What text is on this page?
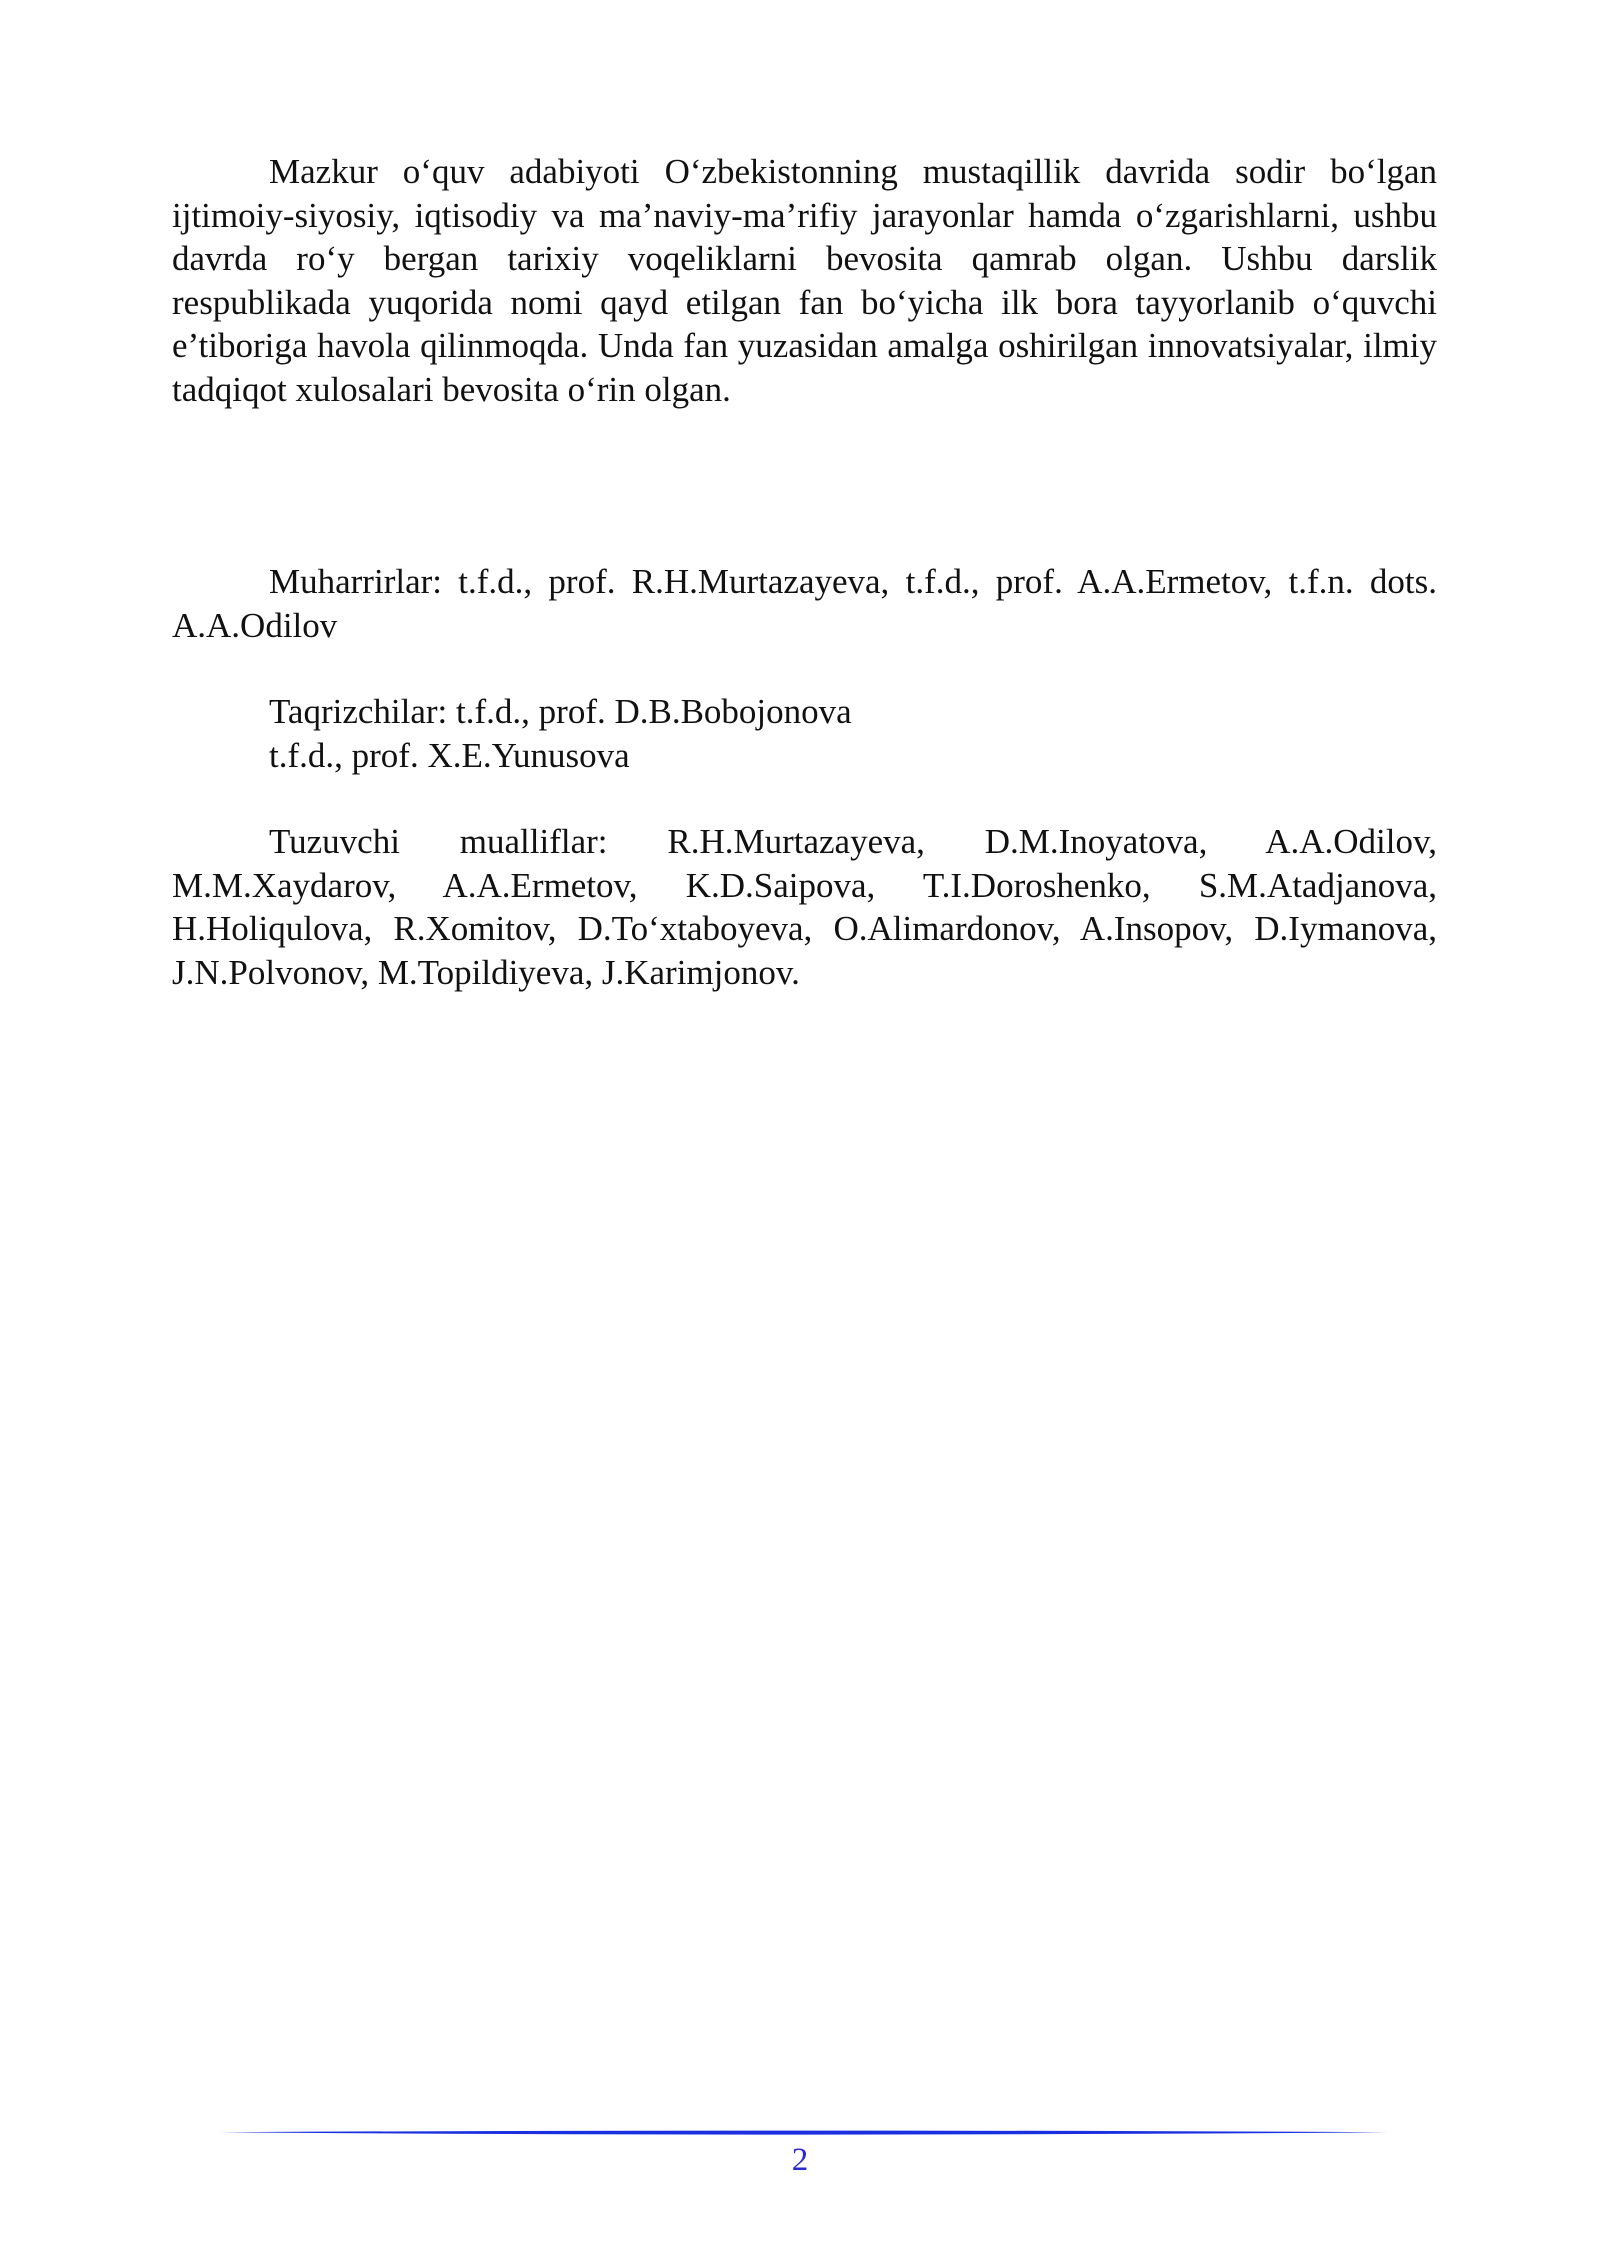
Mazkur o‘quv adabiyoti O‘zbekistonning mustaqillik davrida sodir bo‘lgan ijtimoiy-siyosiy, iqtisodiy va ma’naviy-ma’rifiy jarayonlar hamda o‘zgarishlarni, ushbu davrda ro‘y bergan tarixiy voqeliklarni bevosita qamrab olgan. Ushbu darslik respublikada yuqorida nomi qayd etilgan fan bo‘yicha ilk bora tayyorlanib o‘quvchi e’tiboriga havola qilinmoqda. Unda fan yuzasidan amalga oshirilgan innovatsiyalar, ilmiy tadqiqot xulosalari bevosita o‘rin olgan.

Muharrirlar: t.f.d., prof. R.H.Murtazayeva, t.f.d., prof. A.A.Ermetov, t.f.n. dots. A.A.Odilov

Taqrizchilar: t.f.d., prof. D.B.Bobojonova
t.f.d., prof. X.E.Yunusova

Tuzuvchi mualliflar: R.H.Murtazayeva, D.M.Inoyatova, A.A.Odilov, M.M.Xaydarov, A.A.Ermetov, K.D.Saipova, T.I.Doroshenko, S.M.Atadjanova, H.Holiqulova, R.Xomitov, D.To‘xtaboyeva, O.Alimardonov, A.Insopov, D.Iymanova, J.N.Polvonov, M.Topildiyeva, J.Karimjonov.

2
